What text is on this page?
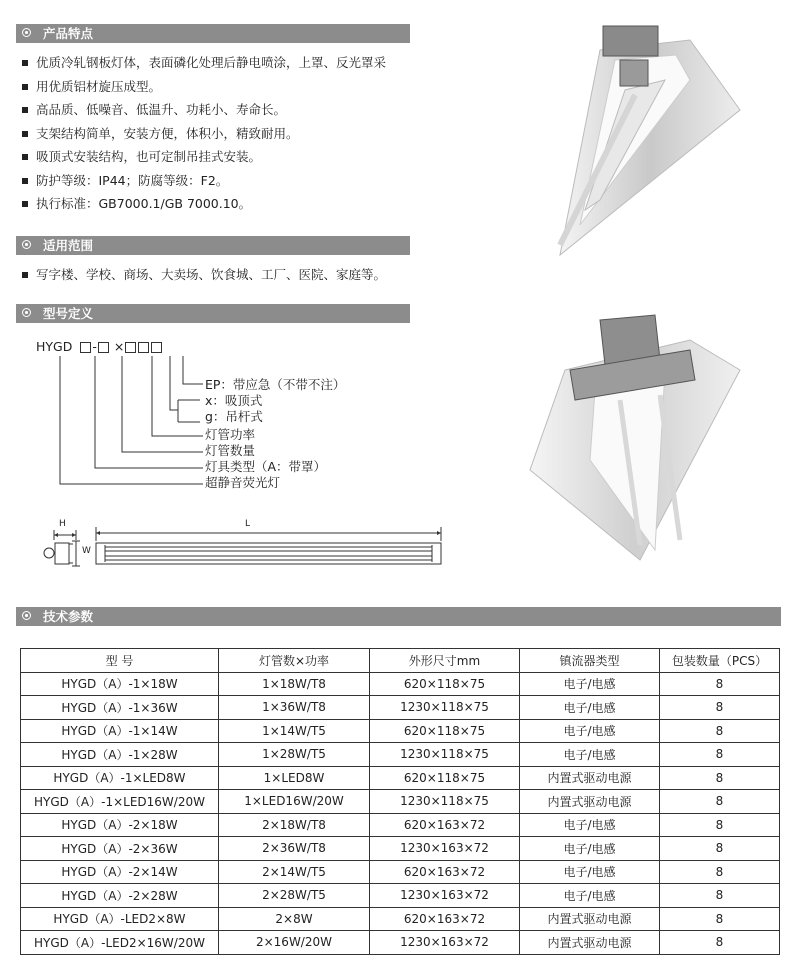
产品特点
优质冷轧钢板灯体，表面磷化处理后静电喷涂，上罩、反光罩采
用优质铝材旋压成型。
高品质、低噪音、低温升、功耗小、寿命长。
支架结构简单，安装方便，体积小，精致耐用。
吸顶式安装结构，也可定制吊挂式安装。
防护等级：IP44；防腐等级：F2。
执行标准：GB7000.1/GB 7000.10。
适用范围
写字楼、学校、商场、大卖场、饮食城、工厂、医院、家庭等。
型号定义
HYGD - ×
EP：带应急（不带不注）
x：吸顶式
g：吊杆式
灯管功率
灯管数量
灯具类型（A：带罩）
超静音荧光灯
H
W
L
技术参数
型 号	灯管数×功率	外形尺寸mm	镇流器类型	包装数量（PCS）
HYGD（A）-1×18W	1×18W/T8	620×118×75	电子/电感	8
HYGD（A）-1×36W	1×36W/T8	1230×118×75	电子/电感	8
HYGD（A）-1×14W	1×14W/T5	620×118×75	电子/电感	8
HYGD（A）-1×28W	1×28W/T5	1230×118×75	电子/电感	8
HYGD（A）-1×LED8W	1×LED8W	620×118×75	内置式驱动电源	8
HYGD（A）-1×LED16W/20W	1×LED16W/20W	1230×118×75	内置式驱动电源	8
HYGD（A）-2×18W	2×18W/T8	620×163×72	电子/电感	8
HYGD（A）-2×36W	2×36W/T8	1230×163×72	电子/电感	8
HYGD（A）-2×14W	2×14W/T5	620×163×72	电子/电感	8
HYGD（A）-2×28W	2×28W/T5	1230×163×72	电子/电感	8
HYGD（A）-LED2×8W	2×8W	620×163×72	内置式驱动电源	8
HYGD（A）-LED2×16W/20W	2×16W/20W	1230×163×72	内置式驱动电源	8
